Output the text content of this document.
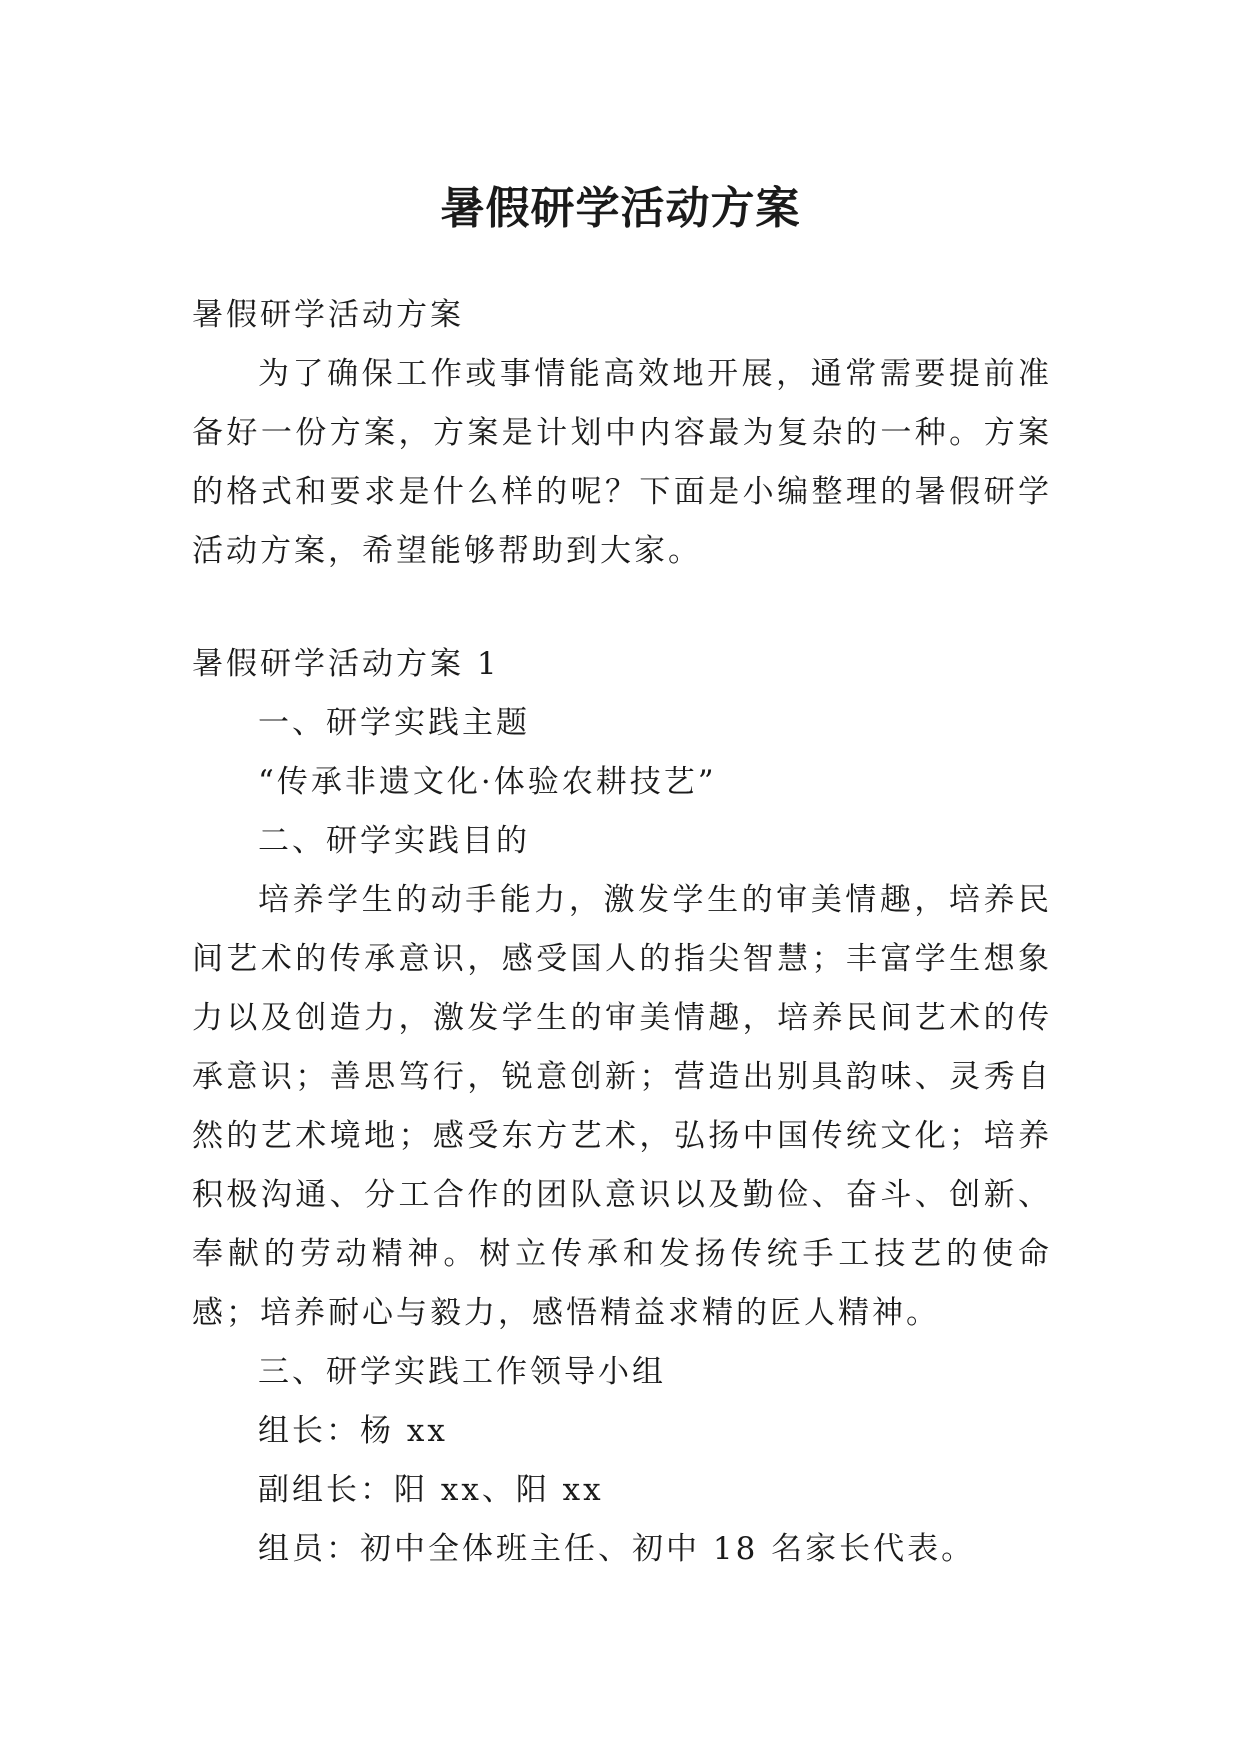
暑假研学活动方案

暑假研学活动方案

为了确保工作或事情能高效地开展，通常需要提前准备好一份方案，方案是计划中内容最为复杂的一种。方案的格式和要求是什么样的呢？下面是小编整理的暑假研学活动方案，希望能够帮助到大家。

暑假研学活动方案 1

一、研学实践主题

“传承非遗文化·体验农耕技艺”

二、研学实践目的

培养学生的动手能力，激发学生的审美情趣，培养民间艺术的传承意识，感受国人的指尖智慧；丰富学生想象力以及创造力，激发学生的审美情趣，培养民间艺术的传承意识；善思笃行，锐意创新；营造出别具韵味、灵秀自然的艺术境地；感受东方艺术，弘扬中国传统文化；培养积极沟通、分工合作的团队意识以及勤俭、奋斗、创新、奉献的劳动精神。树立传承和发扬传统手工技艺的使命感；培养耐心与毅力，感悟精益求精的匠人精神。

三、研学实践工作领导小组

组长：杨 xx

副组长：阳 xx、阳 xx

组员：初中全体班主任、初中 18 名家长代表。
